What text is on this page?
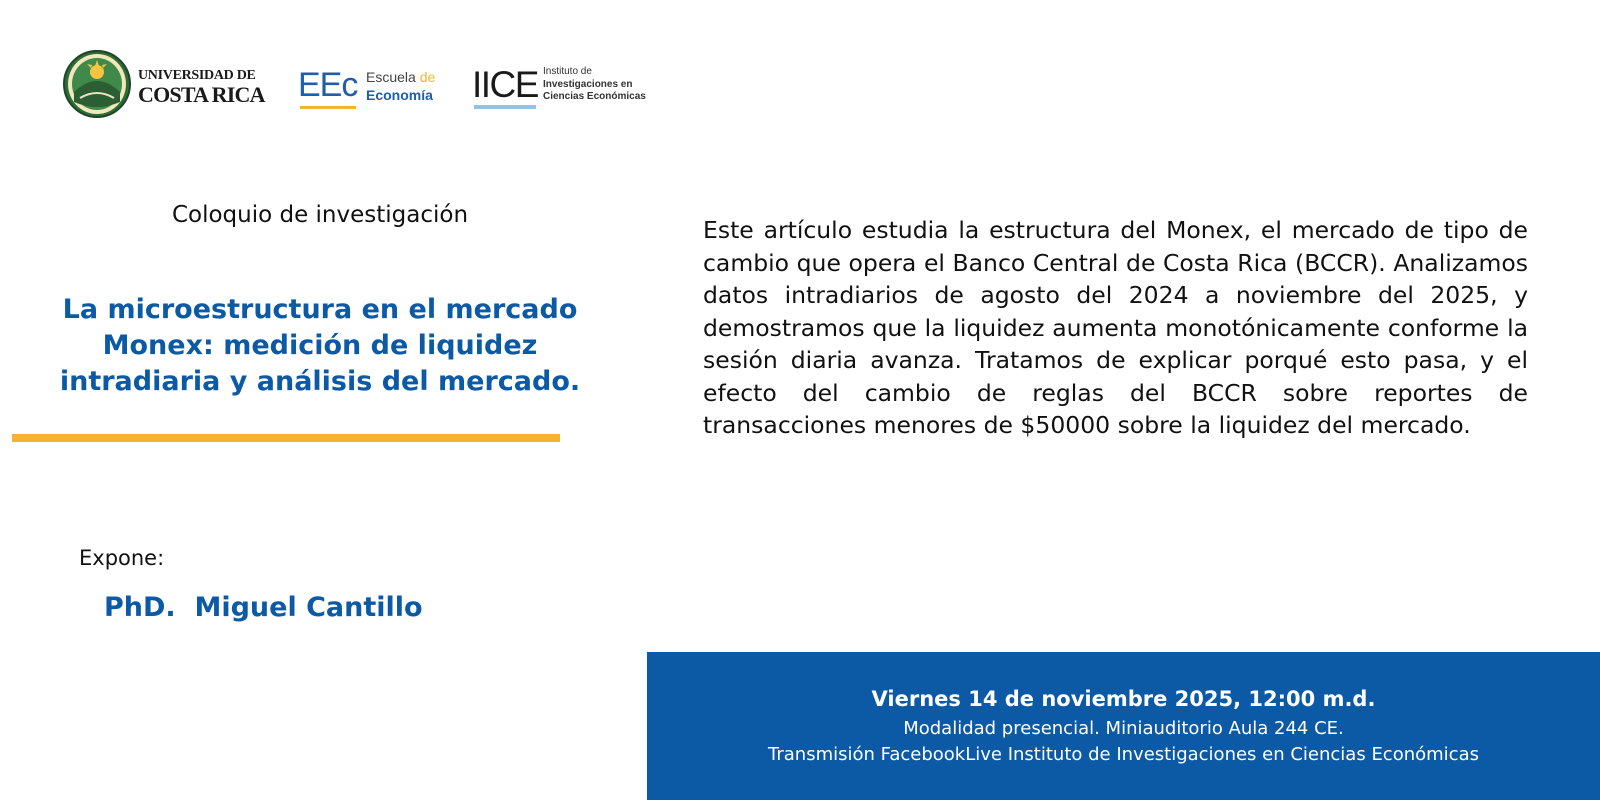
UNIVERSIDAD DE
COSTA RICA EEc Escuela de
Economía IICE Instituto de
Investigaciones en
Ciencias Económicas
Coloquio de investigación
La microestructura en el mercado Monex: medición de liquidez intradiaria y análisis del mercado.
Expone:
PhD.  Miguel Cantillo
Este artículo estudia la estructura del Monex, el mercado de tipo de cambio que opera el Banco Central de Costa Rica (BCCR). Analizamos datos intradiarios de agosto del 2024 a noviembre del 2025, y demostramos que la liquidez aumenta monotónicamente conforme la sesión diaria avanza. Tratamos de explicar porqué esto pasa, y el efecto del cambio de reglas del BCCR sobre reportes de transacciones menores de $50000 sobre la liquidez del mercado.
Viernes 14 de noviembre 2025, 12:00 m.d.
Modalidad presencial. Miniauditorio Aula 244 CE.
Transmisión FacebookLive Instituto de Investigaciones en Ciencias Económicas
